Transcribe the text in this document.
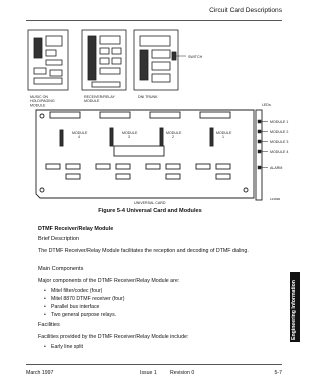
Circuit Card Descriptions
MUSIC ON HOLD/PAGING MODULE
RECEIVER/RELAY MODULE
DNI TRUNK
SWITCH
MODULE 4
MODULE 3
MODULE 2
MODULE 1
UNIVERSAL CARD
LEDs
MODULE 1
MODULE 2
MODULE 3
MODULE 4
ALARM
11309R
Figure 5-4 Universal Card and Modules
DTMF Receiver/Relay Module
Brief Description
The DTMF Receiver/Relay Module facilitates the reception and decoding of DTMF dialing.
Main Components
Major components of the DTMF Receiver/Relay Module are:
• Mitel filter/codec (four)
• Mitel 8870 DTMF receiver (four)
• Parallel bus interface
• Two general purpose relays.
Facilities
Facilities provided by the DTMF Receiver/Relay Module include:
• Early line split
Engineering Information
March 1997	Issue 1	Revision 0	5-7
